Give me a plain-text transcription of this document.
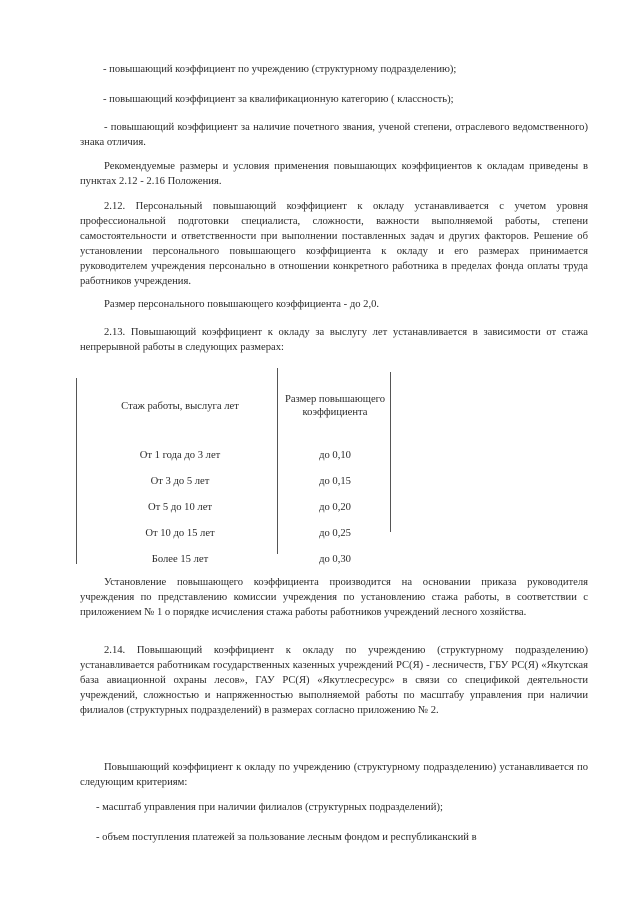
- повышающий коэффициент по учреждению (структурному подразделению);

- повышающий коэффициент за квалификационную категорию ( классность);

- повышающий коэффициент за наличие почетного звания, ученой степени, отраслевого ведомственного) знака отличия.

Рекомендуемые размеры и условия применения повышающих коэффициентов к окладам приведены в пунктах 2.12 - 2.16 Положения.

2.12. Персональный повышающий коэффициент к окладу устанавливается с учетом уровня профессиональной подготовки специалиста, сложности, важности выполняемой работы, степени самостоятельности и ответственности при выполнении поставленных задач и других факторов. Решение об установлении персонального повышающего коэффициента к окладу и его размерах принимается руководителем учреждения персонально в отношении конкретного работника в пределах фонда оплаты труда работников учреждения.

Размер персонального повышающего коэффициента - до 2,0.

2.13. Повышающий коэффициент к окладу за выслугу лет устанавливается в зависимости от стажа непрерывной работы в следующих размерах:

Стаж работы, выслуга лет	Размер повышающего коэффициента
От 1 года до 3 лет	до 0,10
От 3 до 5 лет	до 0,15
От 5 до 10 лет	до 0,20
От 10 до 15 лет	до 0,25
Более 15 лет	до 0,30

Установление повышающего коэффициента производится на основании приказа руководителя учреждения по представлению комиссии учреждения по установлению стажа работы, в соответствии с приложением № 1 о порядке исчисления стажа работы работников учреждений лесного хозяйства.

2.14. Повышающий коэффициент к окладу по учреждению (структурному подразделению) устанавливается работникам государственных казенных учреждений РС(Я) - лесничеств, ГБУ РС(Я) «Якутская база авиационной охраны лесов», ГАУ РС(Я) «Якутлесресурс» в связи со спецификой деятельности учреждений, сложностью и напряженностью выполняемой работы по масштабу управления при наличии филиалов (структурных подразделений) в размерах согласно приложению № 2.

Повышающий коэффициент к окладу по учреждению (структурному подразделению) устанавливается по следующим критериям:

- масштаб управления при наличии филиалов (структурных подразделений);

- объем поступления платежей за пользование лесным фондом и республиканский в
